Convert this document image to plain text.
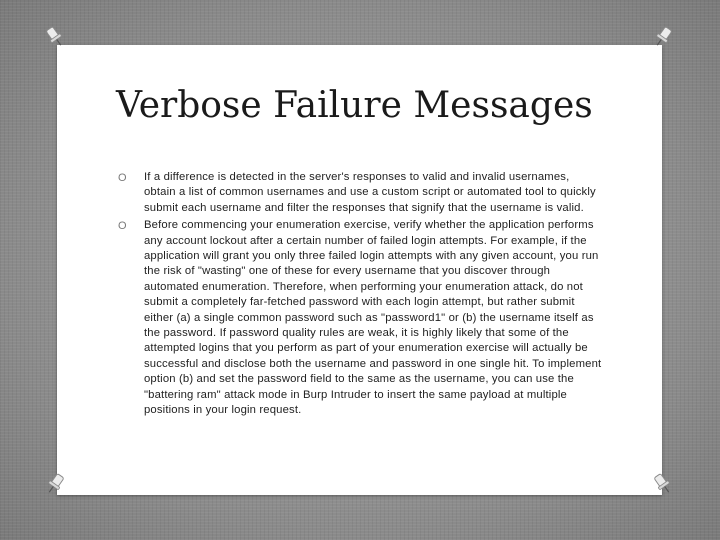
Verbose Failure Messages
O If a difference is detected in the server's responses to valid and invalid usernames, obtain a list of common usernames and use a custom script or automated tool to quickly submit each username and filter the responses that signify that the username is valid.
O Before commencing your enumeration exercise, verify whether the application performs any account lockout after a certain number of failed login attempts. For example, if the application will grant you only three failed login attempts with any given account, you run the risk of "wasting" one of these for every username that you discover through automated enumeration. Therefore, when performing your enumeration attack, do not submit a completely far-fetched password with each login attempt, but rather submit either (a) a single common password such as "password1" or (b) the username itself as the password. If password quality rules are weak, it is highly likely that some of the attempted logins that you perform as part of your enumeration exercise will actually be successful and disclose both the username and password in one single hit. To implement option (b) and set the password field to the same as the username, you can use the "battering ram" attack mode in Burp Intruder to insert the same payload at multiple positions in your login request.
